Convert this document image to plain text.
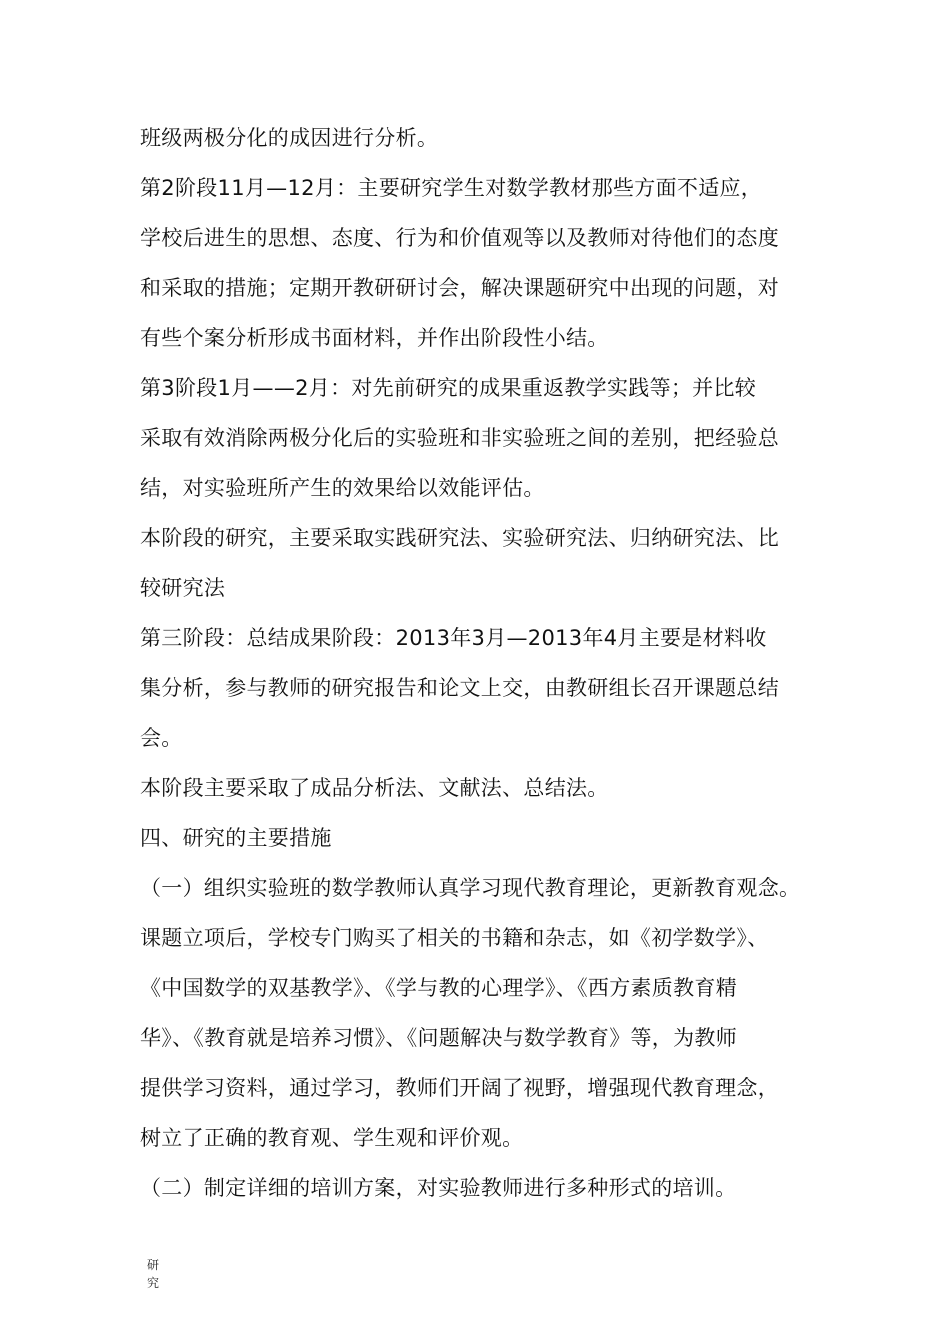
班级两极分化的成因进行分析。
第2阶段11月—12月：主要研究学生对数学教材那些方面不适应，
学校后进生的思想、态度、行为和价值观等以及教师对待他们的态度
和采取的措施；定期开教研研讨会，解决课题研究中出现的问题，对
有些个案分析形成书面材料，并作出阶段性小结。
第3阶段1月——2月：对先前研究的成果重返教学实践等；并比较
采取有效消除两极分化后的实验班和非实验班之间的差别，把经验总
结，对实验班所产生的效果给以效能评估。
本阶段的研究，主要采取实践研究法、实验研究法、归纳研究法、比
较研究法
第三阶段：总结成果阶段：2013年3月—2013年4月主要是材料收
集分析，参与教师的研究报告和论文上交，由教研组长召开课题总结
会。
本阶段主要采取了成品分析法、文献法、总结法。
四、研究的主要措施
（一）组织实验班的数学教师认真学习现代教育理论，更新教育观念。
课题立项后，学校专门购买了相关的书籍和杂志，如《初学数学》、
《中国数学的双基教学》、《学与教的心理学》、《西方素质教育精
华》、《教育就是培养习惯》、《问题解决与数学教育》等，为教师
提供学习资料，通过学习，教师们开阔了视野，增强现代教育理念，
树立了正确的教育观、学生观和评价观。
（二）制定详细的培训方案，对实验教师进行多种形式的培训。
研究
